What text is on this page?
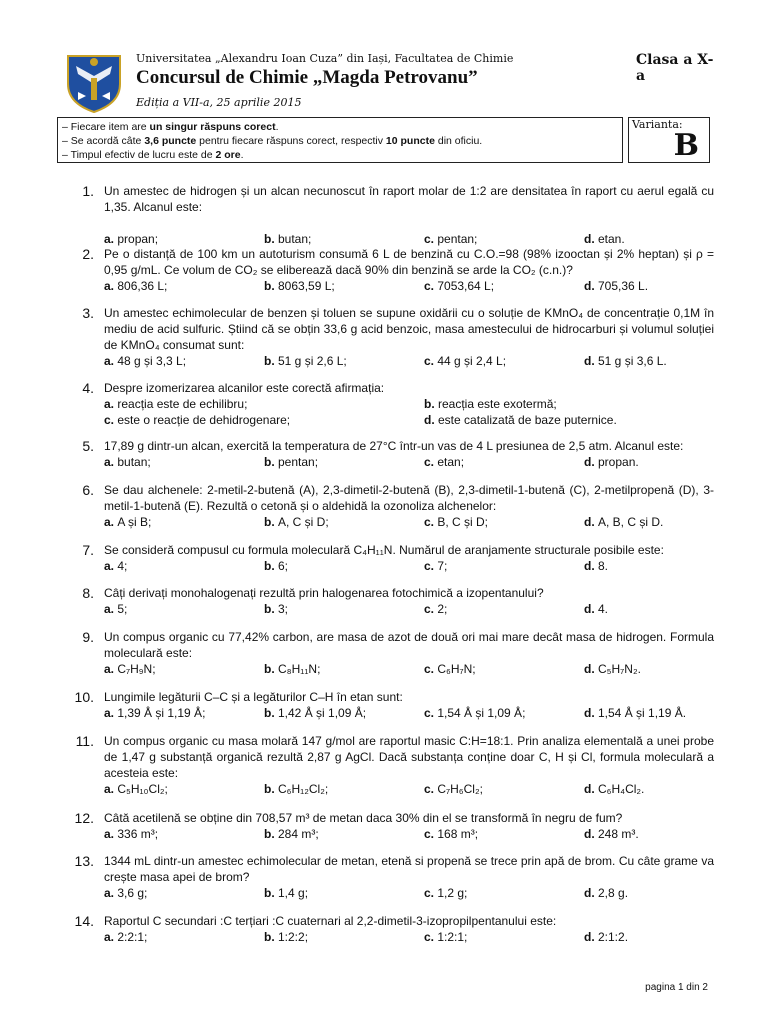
Universitatea „Alexandru Ioan Cuza” din Iași, Facultatea de Chimie
Concursul de Chimie „Magda Petrovanu”
Ediția a VII-a, 25 aprilie 2015
Clasa a X-a
– Fiecare item are un singur răspuns corect.
– Se acordă câte 3,6 puncte pentru fiecare răspuns corect, respectiv 10 puncte din oficiu.
– Timpul efectiv de lucru este de 2 ore.
Varianta:
B
1. Un amestec de hidrogen și un alcan necunoscut în raport molar de 1:2 are densitatea în raport cu aerul egală cu 1,35. Alcanul este:
a. propan;	b. butan;	c. pentan;	d. etan.
2. Pe o distanță de 100 km un autoturism consumă 6 L de benzină cu C.O.=98 (98% izooctan și 2% heptan) și ρ = 0,95 g/mL. Ce volum de CO₂ se eliberează dacă 90% din benzină se arde la CO₂ (c.n.)?
a. 806,36 L;	b. 8063,59 L;	c. 7053,64 L;	d. 705,36 L.
3. Un amestec echimolecular de benzen și toluen se supune oxidării cu o soluție de KMnO₄ de concentrație 0,1M în mediu de acid sulfuric. Știind că se obțin 33,6 g acid benzoic, masa amestecului de hidrocarburi și volumul soluției de KMnO₄ consumat sunt:
a. 48 g și 3,3 L;	b. 51 g și 2,6 L;	c. 44 g și 2,4 L;	d. 51 g și 3,6 L.
4. Despre izomerizarea alcanilor este corectă afirmația:
a. reacția este de echilibru;	b. reacția este exotermă;
c. este o reacție de dehidrogenare;	d. este catalizată de baze puternice.
5. 17,89 g dintr-un alcan, exercită la temperatura de 27°C într-un vas de 4 L presiunea de 2,5 atm. Alcanul este:
a. butan;	b. pentan;	c. etan;	d. propan.
6. Se dau alchenele: 2-metil-2-butenă (A), 2,3-dimetil-2-butenă (B), 2,3-dimetil-1-butenă (C), 2-metilpropenă (D), 3-metil-1-butenă (E). Rezultă o cetonă și o aldehidă la ozonoliza alchenelor:
a. A și B;	b. A, C și D;	c. B, C și D;	d. A, B, C și D.
7. Se consideră compusul cu formula moleculară C₄H₁₁N. Numărul de aranjamente structurale posibile este:
a. 4;	b. 6;	c. 7;	d. 8.
8. Câți derivați monohalogenați rezultă prin halogenarea fotochimică a izopentanului?
a. 5;	b. 3;	c. 2;	d. 4.
9. Un compus organic cu 77,42% carbon, are masa de azot de două ori mai mare decât masa de hidrogen. Formula moleculară este:
a. C₇H₉N;	b. C₈H₁₁N;	c. C₆H₇N;	d. C₅H₇N₂.
10. Lungimile legăturii C–C și a legăturilor C–H în etan sunt:
a. 1,39 Å și 1,19 Å;	b. 1,42 Å și 1,09 Å;	c. 1,54 Å și 1,09 Å;	d. 1,54 Å și 1,19 Å.
11. Un compus organic cu masa molară 147 g/mol are raportul masic C:H=18:1. Prin analiza elementală a unei probe de 1,47 g substanță organică rezultă 2,87 g AgCl. Dacă substanța conține doar C, H și Cl, formula moleculară a acesteia este:
a. C₅H₁₀Cl₂;	b. C₆H₁₂Cl₂;	c. C₇H₆Cl₂;	d. C₆H₄Cl₂.
12. Câtă acetilenă se obține din 708,57 m³ de metan daca 30% din el se transformă în negru de fum?
a. 336 m³;	b. 284 m³;	c. 168 m³;	d. 248 m³.
13. 1344 mL dintr-un amestec echimolecular de metan, etenă si propenă se trece prin apă de brom. Cu câte grame va crește masa apei de brom?
a. 3,6 g;	b. 1,4 g;	c. 1,2 g;	d. 2,8 g.
14. Raportul C secundari :C terțiari :C cuaternari al 2,2-dimetil-3-izopropilpentanului este:
a. 2:2:1;	b. 1:2:2;	c. 1:2:1;	d. 2:1:2.
pagina 1 din 2
